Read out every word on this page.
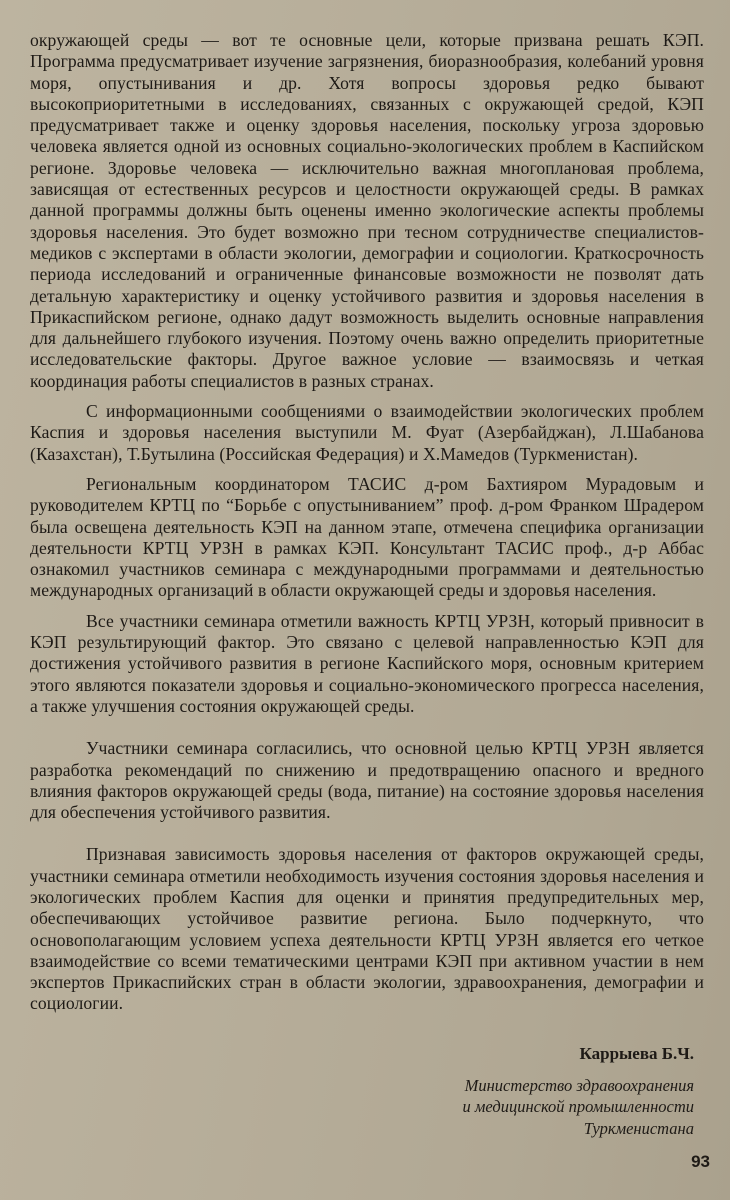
окружающей среды — вот те основные цели, которые призвана решать КЭП. Программа предусматривает изучение загрязнения, биоразнообразия, колебаний уровня моря, опустынивания и др. Хотя вопросы здоровья редко бывают высокоприоритетными в исследованиях, связанных с окружающей средой, КЭП предусматривает также и оценку здоровья населения, поскольку угроза здоровью человека является одной из основных социально-экологических проблем в Каспийском регионе. Здоровье человека — исключительно важная многоплановая проблема, зависящая от естественных ресурсов и целостности окружающей среды. В рамках данной программы должны быть оценены именно экологические аспекты проблемы здоровья населения. Это будет возможно при тесном сотрудничестве специалистов-медиков с экспертами в области экологии, демографии и социологии. Краткосрочность периода исследований и ограниченные финансовые возможности не позволят дать детальную характеристику и оценку устойчивого развития и здоровья населения в Прикаспийском регионе, однако дадут возможность выделить основные направления для дальнейшего глубокого изучения. Поэтому очень важно определить приоритетные исследовательские факторы. Другое важное условие — взаимосвязь и четкая координация работы специалистов в разных странах.

С информационными сообщениями о взаимодействии экологических проблем Каспия и здоровья населения выступили М. Фуат (Азербайджан), Л.Шабанова (Казахстан), Т.Бутылина (Российская Федерация) и Х.Мамедов (Туркменистан).

Региональным координатором ТАСИС д-ром Бахтияром Мурадовым и руководителем КРТЦ по “Борьбе с опустыниванием” проф. д-ром Франком Шрадером была освещена деятельность КЭП на данном этапе, отмечена специфика организации деятельности КРТЦ УРЗН в рамках КЭП. Консультант ТАСИС проф., д-р Аббас ознакомил участников семинара с международными программами и деятельностью международных организаций в области окружающей среды и здоровья населения.

Все участники семинара отметили важность КРТЦ УРЗН, который привносит в КЭП результирующий фактор. Это связано с целевой направленностью КЭП для достижения устойчивого развития в регионе Каспийского моря, основным критерием этого являются показатели здоровья и социально-экономического прогресса населения, а также улучшения состояния окружающей среды.

Участники семинара согласились, что основной целью КРТЦ УРЗН является разработка рекомендаций по снижению и предотвращению опасного и вредного влияния факторов окружающей среды (вода, питание) на состояние здоровья населения для обеспечения устойчивого развития.

Признавая зависимость здоровья населения от факторов окружающей среды, участники семинара отметили необходимость изучения состояния здоровья населения и экологических проблем Каспия для оценки и принятия предупредительных мер, обеспечивающих устойчивое развитие региона. Было подчеркнуто, что основополагающим условием успеха деятельности КРТЦ УРЗН является его четкое взаимодействие со всеми тематическими центрами КЭП при активном участии в нем экспертов Прикаспийских стран в области экологии, здравоохранения, демографии и социологии.

Каррыева Б.Ч.
Министерство здравоохранения
и медицинской промышленности
Туркменистана
93
